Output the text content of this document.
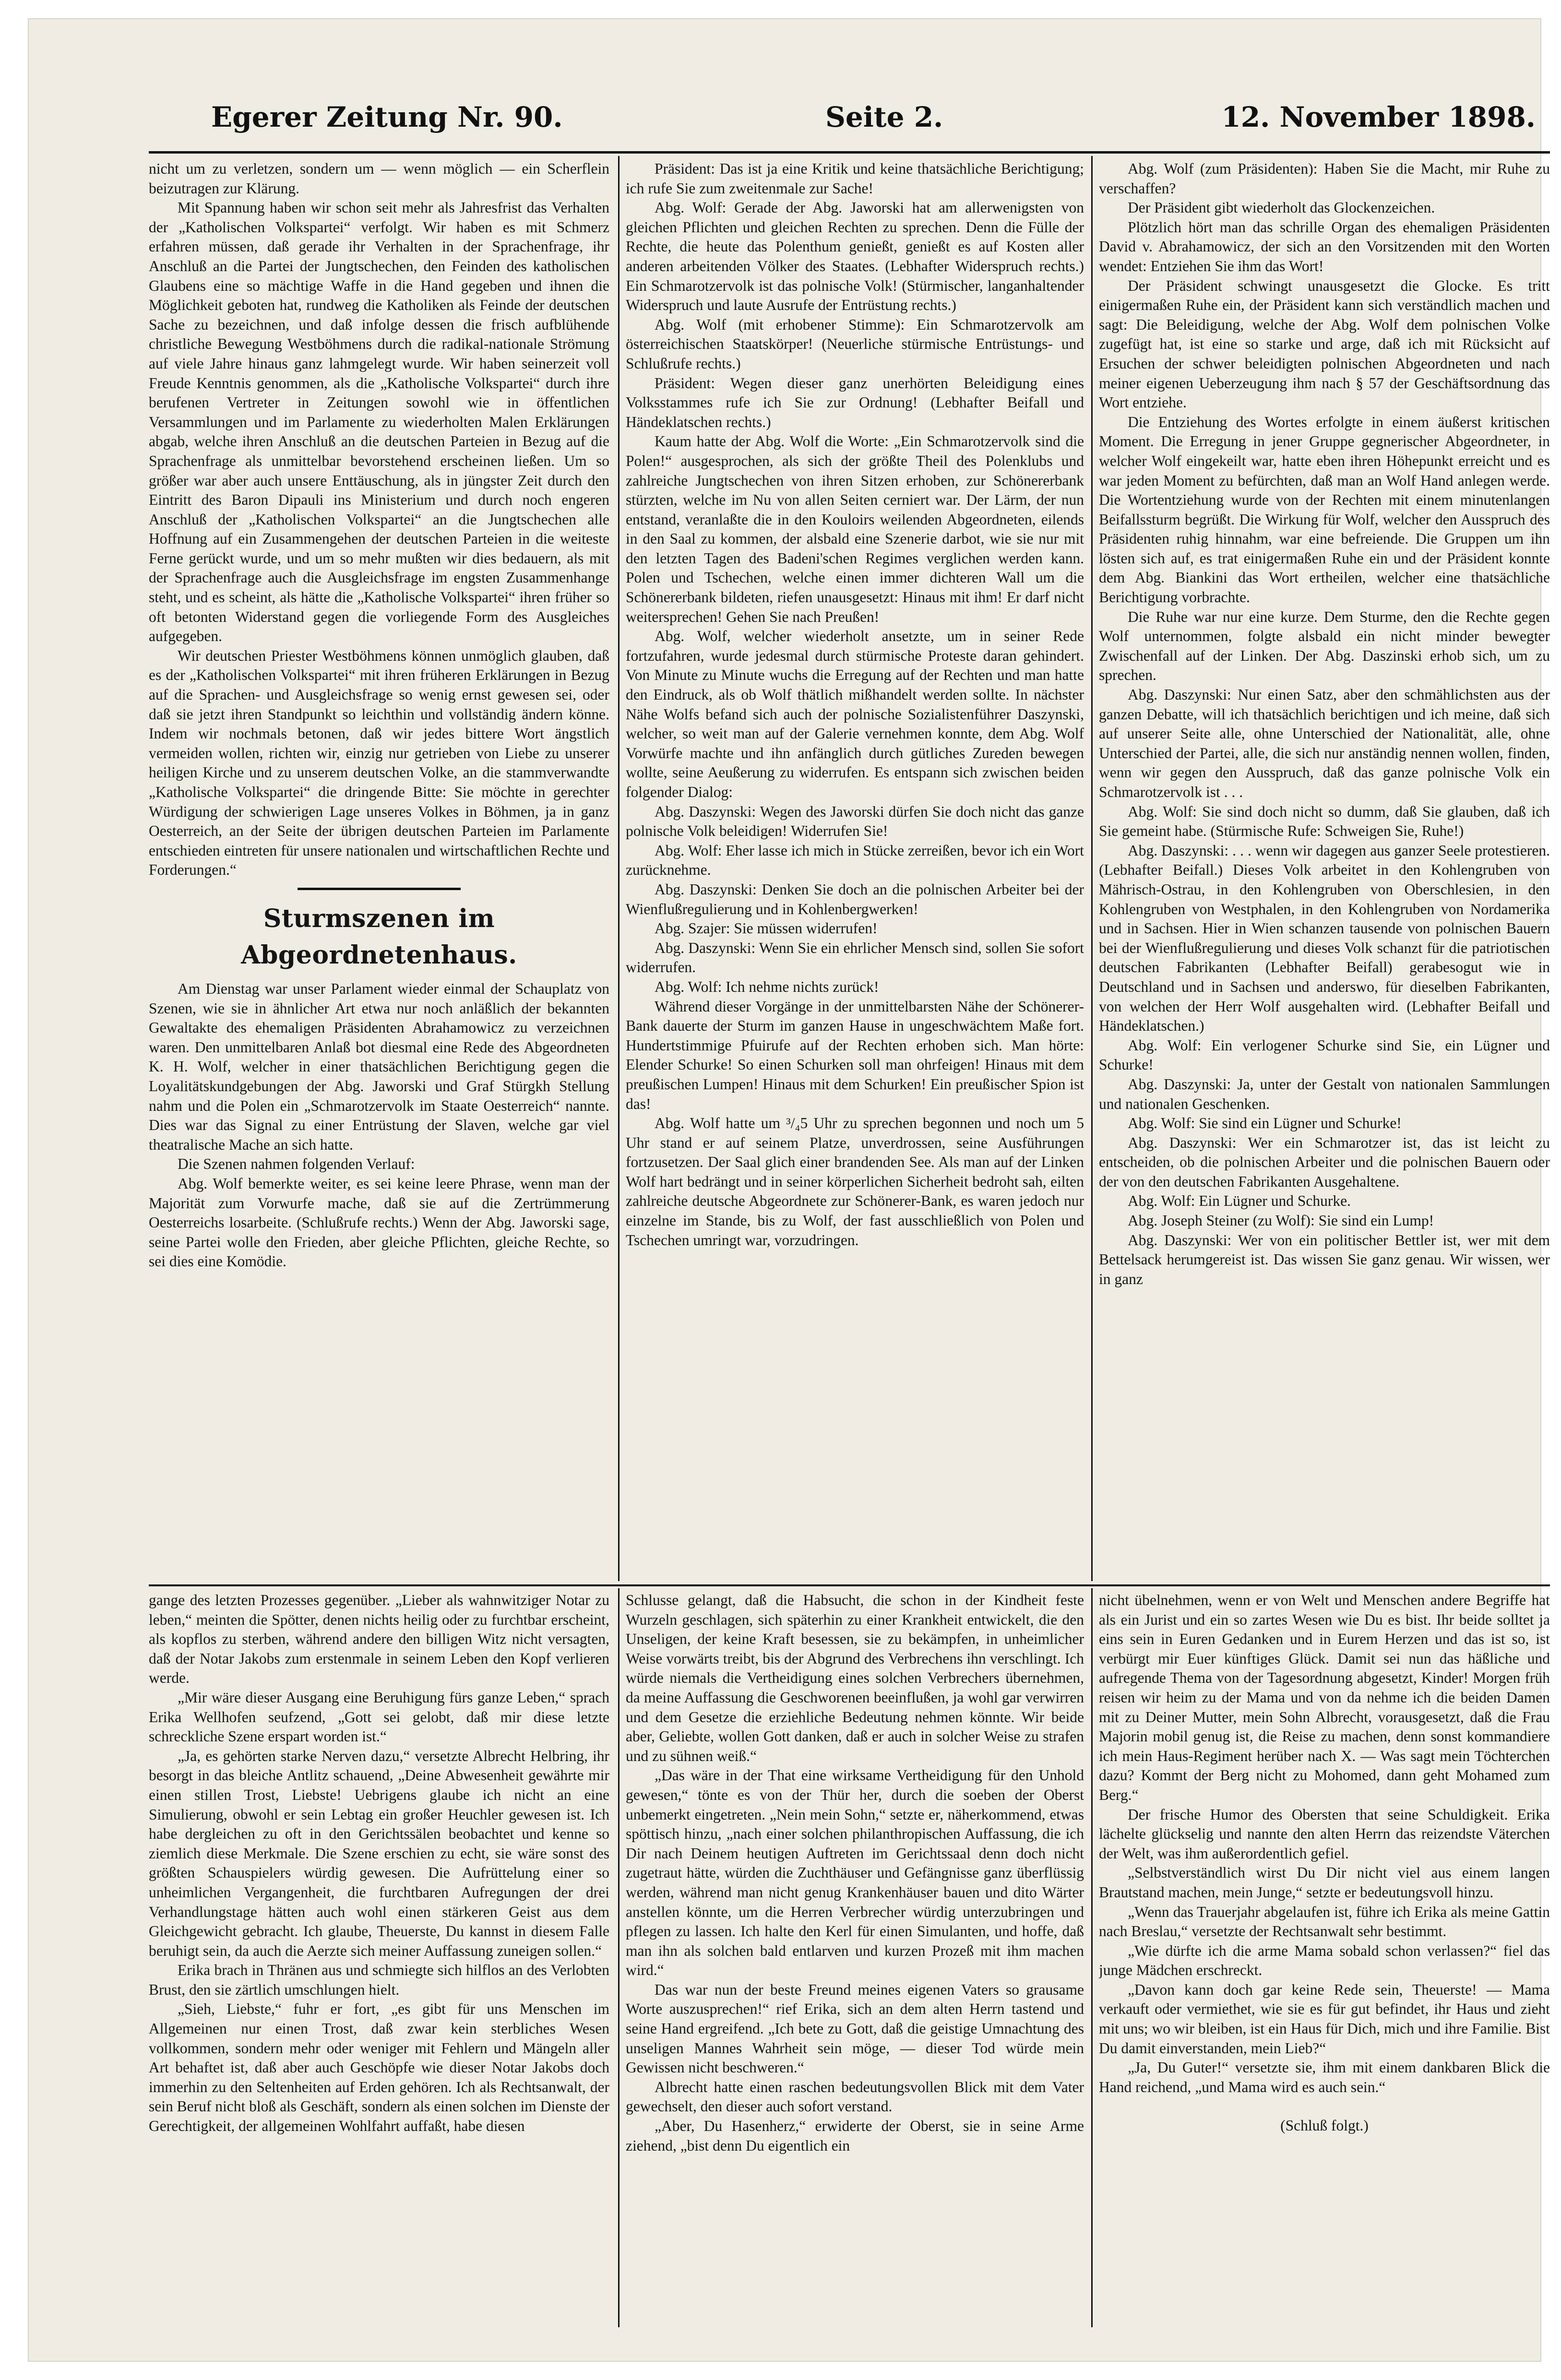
Egerer Zeitung Nr. 90.	Seite 2.	12. November 1898.

nicht um zu verletzen, sondern um — wenn möglich — ein Scherflein beizutragen zur Klärung.

Mit Spannung haben wir schon seit mehr als Jahresfrist das Verhalten der „Katholischen Volkspartei“ verfolgt. Wir haben es mit Schmerz erfahren müssen, daß gerade ihr Verhalten in der Sprachenfrage, ihr Anschluß an die Partei der Jungtschechen, den Feinden des katholischen Glaubens eine so mächtige Waffe in die Hand gegeben und ihnen die Möglichkeit geboten hat, rundweg die Katholiken als Feinde der deutschen Sache zu bezeichnen, und daß infolge dessen die frisch aufblühende christliche Bewegung Westböhmens durch die radikal-nationale Strömung auf viele Jahre hinaus ganz lahmgelegt wurde. Wir haben seinerzeit voll Freude Kenntnis genommen, als die „Katholische Volkspartei“ durch ihre berufenen Vertreter in Zeitungen sowohl wie in öffentlichen Versammlungen und im Parlamente zu wiederholten Malen Erklärungen abgab, welche ihren Anschluß an die deutschen Parteien in Bezug auf die Sprachenfrage als unmittelbar bevorstehend erscheinen ließen. Um so größer war aber auch unsere Enttäuschung, als in jüngster Zeit durch den Eintritt des Baron Dipauli ins Ministerium und durch noch engeren Anschluß der „Katholischen Volkspartei“ an die Jungtschechen alle Hoffnung auf ein Zusammengehen der deutschen Parteien in die weiteste Ferne gerückt wurde, und um so mehr mußten wir dies bedauern, als mit der Sprachenfrage auch die Ausgleichsfrage im engsten Zusammenhange steht, und es scheint, als hätte die „Katholische Volkspartei“ ihren früher so oft betonten Widerstand gegen die vorliegende Form des Ausgleiches aufgegeben.

Wir deutschen Priester Westböhmens können unmöglich glauben, daß es der „Katholischen Volkspartei“ mit ihren früheren Erklärungen in Bezug auf die Sprachen- und Ausgleichsfrage so wenig ernst gewesen sei, oder daß sie jetzt ihren Standpunkt so leichthin und vollständig ändern könne. Indem wir nochmals betonen, daß wir jedes bittere Wort ängstlich vermeiden wollen, richten wir, einzig nur getrieben von Liebe zu unserer heiligen Kirche und zu unserem deutschen Volke, an die stammverwandte „Katholische Volkspartei“ die dringende Bitte: Sie möchte in gerechter Würdigung der schwierigen Lage unseres Volkes in Böhmen, ja in ganz Oesterreich, an der Seite der übrigen deutschen Parteien im Parlamente entschieden eintreten für unsere nationalen und wirtschaftlichen Rechte und Forderungen.“

Sturmszenen im Abgeordnetenhaus.

Am Dienstag war unser Parlament wieder einmal der Schauplatz von Szenen, wie sie in ähnlicher Art etwa nur noch anläßlich der bekannten Gewaltakte des ehemaligen Präsidenten Abrahamowicz zu verzeichnen waren. Den unmittelbaren Anlaß bot diesmal eine Rede des Abgeordneten K. H. Wolf, welcher in einer thatsächlichen Berichtigung gegen die Loyalitätskundgebungen der Abg. Jaworski und Graf Stürgkh Stellung nahm und die Polen ein „Schmarotzervolk im Staate Oesterreich“ nannte. Dies war das Signal zu einer Entrüstung der Slaven, welche gar viel theatralische Mache an sich hatte.

Die Szenen nahmen folgenden Verlauf:

Abg. Wolf bemerkte weiter, es sei keine leere Phrase, wenn man der Majorität zum Vorwurfe mache, daß sie auf die Zertrümmerung Oesterreichs losarbeite. (Schlußrufe rechts.) Wenn der Abg. Jaworski sage, seine Partei wolle den Frieden, aber gleiche Pflichten, gleiche Rechte, so sei dies eine Komödie.

Präsident: Das ist ja eine Kritik und keine thatsächliche Berichtigung; ich rufe Sie zum zweitenmale zur Sache!

Abg. Wolf: Gerade der Abg. Jaworski hat am allerwenigsten von gleichen Pflichten und gleichen Rechten zu sprechen. Denn die Fülle der Rechte, die heute das Polenthum genießt, genießt es auf Kosten aller anderen arbeitenden Völker des Staates. (Lebhafter Widerspruch rechts.) Ein Schmarotzervolk ist das polnische Volk! (Stürmischer, langanhaltender Widerspruch und laute Ausrufe der Entrüstung rechts.)

Abg. Wolf (mit erhobener Stimme): Ein Schmarotzervolk am österreichischen Staatskörper! (Neuerliche stürmische Entrüstungs- und Schlußrufe rechts.)

Präsident: Wegen dieser ganz unerhörten Beleidigung eines Volksstammes rufe ich Sie zur Ordnung! (Lebhafter Beifall und Händeklatschen rechts.)

Kaum hatte der Abg. Wolf die Worte: „Ein Schmarotzervolk sind die Polen!“ ausgesprochen, als sich der größte Theil des Polenklubs und zahlreiche Jungtschechen von ihren Sitzen erhoben, zur Schönererbank stürzten, welche im Nu von allen Seiten cerniert war. Der Lärm, der nun entstand, veranlaßte die in den Kouloirs weilenden Abgeordneten, eilends in den Saal zu kommen, der alsbald eine Szenerie darbot, wie sie nur mit den letzten Tagen des Badeni'schen Regimes verglichen werden kann. Polen und Tschechen, welche einen immer dichteren Wall um die Schönererbank bildeten, riefen unausgesetzt: Hinaus mit ihm! Er darf nicht weitersprechen! Gehen Sie nach Preußen!

Abg. Wolf, welcher wiederholt ansetzte, um in seiner Rede fortzufahren, wurde jedesmal durch stürmische Proteste daran gehindert. Von Minute zu Minute wuchs die Erregung auf der Rechten und man hatte den Eindruck, als ob Wolf thätlich mißhandelt werden sollte. In nächster Nähe Wolfs befand sich auch der polnische Sozialistenführer Daszynski, welcher, so weit man auf der Galerie vernehmen konnte, dem Abg. Wolf Vorwürfe machte und ihn anfänglich durch gütliches Zureden bewegen wollte, seine Aeußerung zu widerrufen. Es entspann sich zwischen beiden folgender Dialog:

Abg. Daszynski: Wegen des Jaworski dürfen Sie doch nicht das ganze polnische Volk beleidigen! Widerrufen Sie!

Abg. Wolf: Eher lasse ich mich in Stücke zerreißen, bevor ich ein Wort zurücknehme.

Abg. Daszynski: Denken Sie doch an die polnischen Arbeiter bei der Wienflußregulierung und in Kohlenbergwerken!

Abg. Szajer: Sie müssen widerrufen!

Abg. Daszynski: Wenn Sie ein ehrlicher Mensch sind, sollen Sie sofort widerrufen.

Abg. Wolf: Ich nehme nichts zurück!

Während dieser Vorgänge in der unmittelbarsten Nähe der Schönerer-Bank dauerte der Sturm im ganzen Hause in ungeschwächtem Maße fort. Hundertstimmige Pfuirufe auf der Rechten erhoben sich. Man hörte: Elender Schurke! So einen Schurken soll man ohrfeigen! Hinaus mit dem preußischen Lumpen! Hinaus mit dem Schurken! Ein preußischer Spion ist das!

Abg. Wolf hatte um ³/₄5 Uhr zu sprechen begonnen und noch um 5 Uhr stand er auf seinem Platze, unverdrossen, seine Ausführungen fortzusetzen. Der Saal glich einer brandenden See. Als man auf der Linken Wolf hart bedrängt und in seiner körperlichen Sicherheit bedroht sah, eilten zahlreiche deutsche Abgeordnete zur Schönerer-Bank, es waren jedoch nur einzelne im Stande, bis zu Wolf, der fast ausschließlich von Polen und Tschechen umringt war, vorzudringen.

Abg. Wolf (zum Präsidenten): Haben Sie die Macht, mir Ruhe zu verschaffen?

Der Präsident gibt wiederholt das Glockenzeichen.

Plötzlich hört man das schrille Organ des ehemaligen Präsidenten David v. Abrahamowicz, der sich an den Vorsitzenden mit den Worten wendet: Entziehen Sie ihm das Wort!

Der Präsident schwingt unausgesetzt die Glocke. Es tritt einigermaßen Ruhe ein, der Präsident kann sich verständlich machen und sagt: Die Beleidigung, welche der Abg. Wolf dem polnischen Volke zugefügt hat, ist eine so starke und arge, daß ich mit Rücksicht auf Ersuchen der schwer beleidigten polnischen Abgeordneten und nach meiner eigenen Ueberzeugung ihm nach § 57 der Geschäftsordnung das Wort entziehe.

Die Entziehung des Wortes erfolgte in einem äußerst kritischen Moment. Die Erregung in jener Gruppe gegnerischer Abgeordneter, in welcher Wolf eingekeilt war, hatte eben ihren Höhepunkt erreicht und es war jeden Moment zu befürchten, daß man an Wolf Hand anlegen werde. Die Wortentziehung wurde von der Rechten mit einem minutenlangen Beifallssturm begrüßt. Die Wirkung für Wolf, welcher den Ausspruch des Präsidenten ruhig hinnahm, war eine befreiende. Die Gruppen um ihn lösten sich auf, es trat einigermaßen Ruhe ein und der Präsident konnte dem Abg. Biankini das Wort ertheilen, welcher eine thatsächliche Berichtigung vorbrachte.

Die Ruhe war nur eine kurze. Dem Sturme, den die Rechte gegen Wolf unternommen, folgte alsbald ein nicht minder bewegter Zwischenfall auf der Linken. Der Abg. Daszinski erhob sich, um zu sprechen.

Abg. Daszynski: Nur einen Satz, aber den schmählichsten aus der ganzen Debatte, will ich thatsächlich berichtigen und ich meine, daß sich auf unserer Seite alle, ohne Unterschied der Nationalität, alle, ohne Unterschied der Partei, alle, die sich nur anständig nennen wollen, finden, wenn wir gegen den Ausspruch, daß das ganze polnische Volk ein Schmarotzervolk ist . . .

Abg. Wolf: Sie sind doch nicht so dumm, daß Sie glauben, daß ich Sie gemeint habe. (Stürmische Rufe: Schweigen Sie, Ruhe!)

Abg. Daszynski: . . . wenn wir dagegen aus ganzer Seele protestieren. (Lebhafter Beifall.) Dieses Volk arbeitet in den Kohlengruben von Mährisch-Ostrau, in den Kohlengruben von Oberschlesien, in den Kohlengruben von Westphalen, in den Kohlengruben von Nordamerika und in Sachsen. Hier in Wien schanzen tausende von polnischen Bauern bei der Wienflußregulierung und dieses Volk schanzt für die patriotischen deutschen Fabrikanten (Lebhafter Beifall) gerabesogut wie in Deutschland und in Sachsen und anderswo, für dieselben Fabrikanten, von welchen der Herr Wolf ausgehalten wird. (Lebhafter Beifall und Händeklatschen.)

Abg. Wolf: Ein verlogener Schurke sind Sie, ein Lügner und Schurke!

Abg. Daszynski: Ja, unter der Gestalt von nationalen Sammlungen und nationalen Geschenken.

Abg. Wolf: Sie sind ein Lügner und Schurke!

Abg. Daszynski: Wer ein Schmarotzer ist, das ist leicht zu entscheiden, ob die polnischen Arbeiter und die polnischen Bauern oder der von den deutschen Fabrikanten Ausgehaltene.

Abg. Wolf: Ein Lügner und Schurke.

Abg. Joseph Steiner (zu Wolf): Sie sind ein Lump!

Abg. Daszynski: Wer von ein politischer Bettler ist, wer mit dem Bettelsack herumgereist ist. Das wissen Sie ganz genau. Wir wissen, wer in ganz

gange des letzten Prozesses gegenüber. „Lieber als wahnwitziger Notar zu leben,“ meinten die Spötter, denen nichts heilig oder zu furchtbar erscheint, als kopflos zu sterben, während andere den billigen Witz nicht versagten, daß der Notar Jakobs zum erstenmale in seinem Leben den Kopf verlieren werde.

„Mir wäre dieser Ausgang eine Beruhigung fürs ganze Leben,“ sprach Erika Wellhofen seufzend, „Gott sei gelobt, daß mir diese letzte schreckliche Szene erspart worden ist.“

„Ja, es gehörten starke Nerven dazu,“ versetzte Albrecht Helbring, ihr besorgt in das bleiche Antlitz schauend, „Deine Abwesenheit gewährte mir einen stillen Trost, Liebste! Uebrigens glaube ich nicht an eine Simulierung, obwohl er sein Lebtag ein großer Heuchler gewesen ist. Ich habe dergleichen zu oft in den Gerichtssälen beobachtet und kenne so ziemlich diese Merkmale. Die Szene erschien zu echt, sie wäre sonst des größten Schauspielers würdig gewesen. Die Aufrüttelung einer so unheimlichen Vergangenheit, die furchtbaren Aufregungen der drei Verhandlungstage hätten auch wohl einen stärkeren Geist aus dem Gleichgewicht gebracht. Ich glaube, Theuerste, Du kannst in diesem Falle beruhigt sein, da auch die Aerzte sich meiner Auffassung zuneigen sollen.“

Erika brach in Thränen aus und schmiegte sich hilflos an des Verlobten Brust, den sie zärtlich umschlungen hielt.

„Sieh, Liebste,“ fuhr er fort, „es gibt für uns Menschen im Allgemeinen nur einen Trost, daß zwar kein sterbliches Wesen vollkommen, sondern mehr oder weniger mit Fehlern und Mängeln aller Art behaftet ist, daß aber auch Geschöpfe wie dieser Notar Jakobs doch immerhin zu den Seltenheiten auf Erden gehören. Ich als Rechtsanwalt, der sein Beruf nicht bloß als Geschäft, sondern als einen solchen im Dienste der Gerechtigkeit, der allgemeinen Wohlfahrt auffaßt, habe diesen

Schlusse gelangt, daß die Habsucht, die schon in der Kindheit feste Wurzeln geschlagen, sich späterhin zu einer Krankheit entwickelt, die den Unseligen, der keine Kraft besessen, sie zu bekämpfen, in unheimlicher Weise vorwärts treibt, bis der Abgrund des Verbrechens ihn verschlingt. Ich würde niemals die Vertheidigung eines solchen Verbrechers übernehmen, da meine Auffassung die Geschworenen beeinflußen, ja wohl gar verwirren und dem Gesetze die erziehliche Bedeutung nehmen könnte. Wir beide aber, Geliebte, wollen Gott danken, daß er auch in solcher Weise zu strafen und zu sühnen weiß.“

„Das wäre in der That eine wirksame Vertheidigung für den Unhold gewesen,“ tönte es von der Thür her, durch die soeben der Oberst unbemerkt eingetreten. „Nein mein Sohn,“ setzte er, näherkommend, etwas spöttisch hinzu, „nach einer solchen philanthropischen Auffassung, die ich Dir nach Deinem heutigen Auftreten im Gerichtssaal denn doch nicht zugetraut hätte, würden die Zuchthäuser und Gefängnisse ganz überflüssig werden, während man nicht genug Krankenhäuser bauen und dito Wärter anstellen könnte, um die Herren Verbrecher würdig unterzubringen und pflegen zu lassen. Ich halte den Kerl für einen Simulanten, und hoffe, daß man ihn als solchen bald entlarven und kurzen Prozeß mit ihm machen wird.“

Das war nun der beste Freund meines eigenen Vaters so grausame Worte auszusprechen!“ rief Erika, sich an dem alten Herrn tastend und seine Hand ergreifend. „Ich bete zu Gott, daß die geistige Umnachtung des unseligen Mannes Wahrheit sein möge, — dieser Tod würde mein Gewissen nicht beschweren.“

Albrecht hatte einen raschen bedeutungsvollen Blick mit dem Vater gewechselt, den dieser auch sofort verstand.

„Aber, Du Hasenherz,“ erwiderte der Oberst, sie in seine Arme ziehend, „bist denn Du eigentlich ein

nicht übelnehmen, wenn er von Welt und Menschen andere Begriffe hat als ein Jurist und ein so zartes Wesen wie Du es bist. Ihr beide solltet ja eins sein in Euren Gedanken und in Eurem Herzen und das ist so, ist verbürgt mir Euer künftiges Glück. Damit sei nun das häßliche und aufregende Thema von der Tagesordnung abgesetzt, Kinder! Morgen früh reisen wir heim zu der Mama und von da nehme ich die beiden Damen mit zu Deiner Mutter, mein Sohn Albrecht, vorausgesetzt, daß die Frau Majorin mobil genug ist, die Reise zu machen, denn sonst kommandiere ich mein Haus-Regiment herüber nach X. — Was sagt mein Töchterchen dazu? Kommt der Berg nicht zu Mohomed, dann geht Mohamed zum Berg.“

Der frische Humor des Obersten that seine Schuldigkeit. Erika lächelte glückselig und nannte den alten Herrn das reizendste Väterchen der Welt, was ihm außerordentlich gefiel.

„Selbstverständlich wirst Du Dir nicht viel aus einem langen Brautstand machen, mein Junge,“ setzte er bedeutungsvoll hinzu.

„Wenn das Trauerjahr abgelaufen ist, führe ich Erika als meine Gattin nach Breslau,“ versetzte der Rechtsanwalt sehr bestimmt.

„Wie dürfte ich die arme Mama sobald schon verlassen?“ fiel das junge Mädchen erschreckt.

„Davon kann doch gar keine Rede sein, Theuerste! — Mama verkauft oder vermiethet, wie sie es für gut befindet, ihr Haus und zieht mit uns; wo wir bleiben, ist ein Haus für Dich, mich und ihre Familie. Bist Du damit einverstanden, mein Lieb?“

„Ja, Du Guter!“ versetzte sie, ihm mit einem dankbaren Blick die Hand reichend, „und Mama wird es auch sein.“

(Schluß folgt.)
